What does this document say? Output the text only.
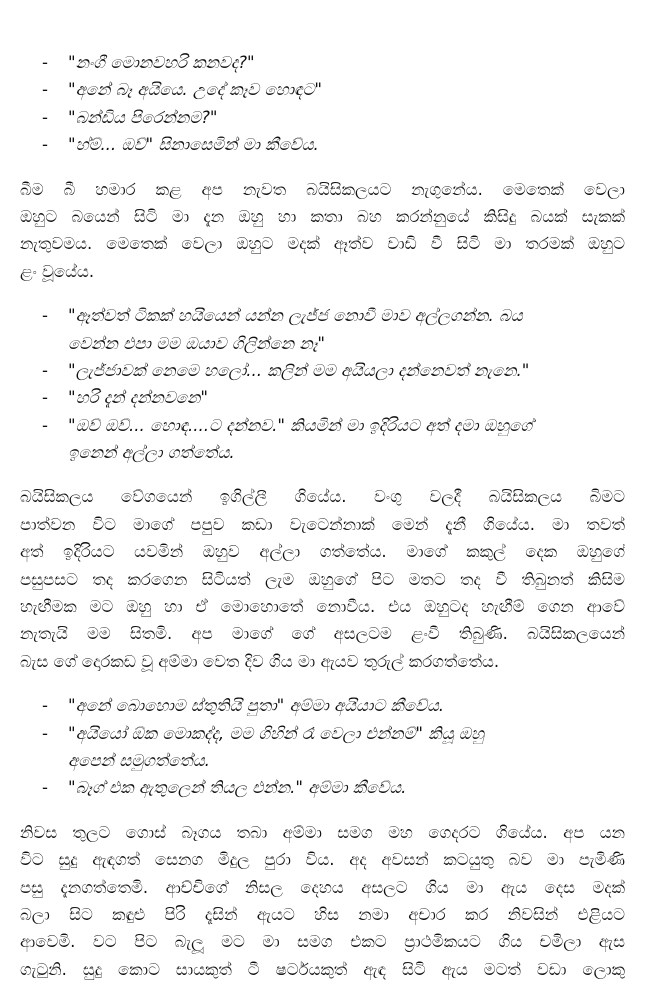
- "නංගී මොනවහරි කනවද?"
- "අනේ බෑ අයියෙ. උදේ කෑව හොඳට"
- "බන්ඩිය පිරෙන්නම?"
- "හ්ම්... ඔව්" සිනාසෙමින් මා කීවේය.
බීම බී හමාර කළ අප නැවත බයිසිකලයට නැගුනේය. මෙතෙක් වෙලා
ඔහුට බයෙන් සිටි මා දැන ඔහු හා කතා බහ කරන්නුයේ කිසිදු බයක් සැකක්
නැතුවමය. මෙතෙක් වෙලා ඔහුට මදක් ඈත්ව වාඩි වී සිටි මා තරමක් ඔහුට
ළං වූයේය.
- "ඈත්වත් ටිකක් හයියෙන් යන්න ලැජ්ජ නොවී මාව අල්ලගන්න. බය
වෙන්න එපා මම ඔයාව ගිලින්නෙ නෑ"
- "ලැජ්ජාවක් නෙමෙ හලෝ... කලින් මම අයියලා දන්නෙවත් නැනෙ."
- "හරි දැන් දන්නවනෙ"
- "ඔව් ඔව්... හොඳ....ට දන්නව." කියමින් මා ඉදිරියට අත් දමා ඔහුගේ
ඉනෙන් අල්ලා ගත්තේය.
බයිසිකලය වේගයෙන් ඉගිල්ලී ගියේය. වංගු වලදී බයිසිකලය බිමට
පාත්වන විට මාගේ පපුව කඩා වැටෙන්නාක් මෙන් දැනී ගියේය. මා තවත්
අත් ඉදිරියට යවමින් ඔහුව අල්ලා ගත්තේය. මාගේ කකුල් දෙක ඔහුගේ
පසුපසට තද කරගෙන සිටියත් ලැම ඔහුගේ පිට මතට තද වී තිබුනත් කිසිම
හැඟීමක මට ඔහු හා ඒ මොහොතේ නොවීය. එය ඔහුටද හැඟීම් ගෙන ආවේ
නැතැයි මම සිතමි. අප මාගේ ගේ අසලටම ළංවී තිබුණි. බයිසිකලයෙන්
බැස ගේ දොරකඩ වූ අම්මා වෙත දිව ගිය මා ඇයව තුරුල් කරගත්තේය.
- "අනේ බොහොම ස්තුතියි පුතා" අම්මා අයියාට කීවේය.
- "අයියෝ ඕක මොකද්ද, මම ගිහින් රෑ වෙලා එන්නම්" කියූ ඔහු
අපෙන් සමුගත්තේය.
- "බෑග් එක ඇතුලෙන් තියල එන්න." අම්මා කීවේය.
නිවස තුලට ගොස් බෑගය තබා අම්මා සමග මහ ගෙදරට ගියේය. අප යන
විට සුදු ඇඳගත් සෙනග මිදුල පුරා විය. අද අවසන් කටයුතු බව මා පැමිණි
පසු දැනගත්තෙමි. ආච්චිගේ නිසල දෙහය අසලට ගිය මා ඇය දෙස මදක්
බලා සිට කඳුළු පිරි දෑසින් ඇයට හිස නමා අචාර කර නිවසින් එළියට
ආවෙමි. වට පිට බැලූ මට මා සමග එකට ප්‍රාථමිකයට ගිය චමිලා ඇස
ගැටුනි. සුදු කොට සායකුත් ටී ෂර්ටයකුත් ඇඳ සිටි ඇය මටත් වඩා ලොකු
